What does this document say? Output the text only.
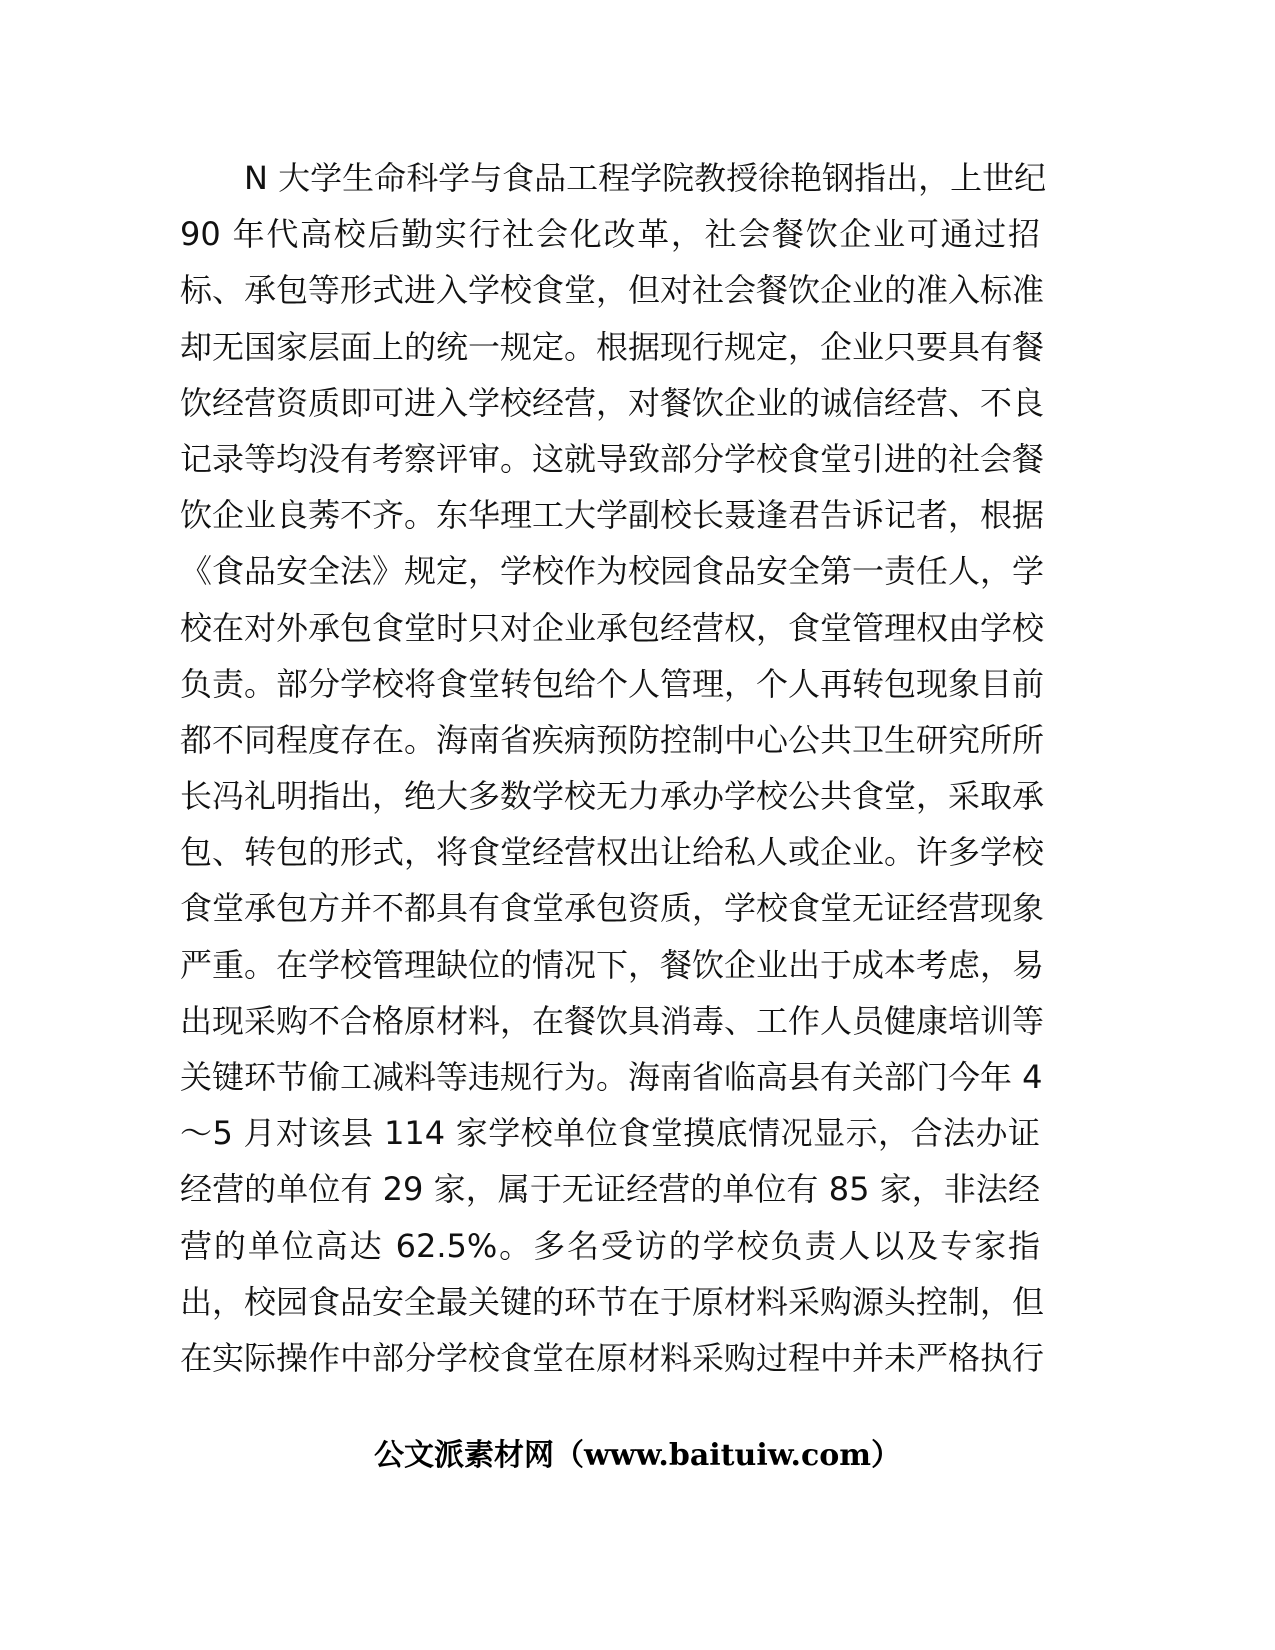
N 大学生命科学与食品工程学院教授徐艳钢指出，上世纪
90 年代高校后勤实行社会化改革，社会餐饮企业可通过招
标、承包等形式进入学校食堂，但对社会餐饮企业的准入标准
却无国家层面上的统一规定。根据现行规定，企业只要具有餐
饮经营资质即可进入学校经营，对餐饮企业的诚信经营、不良
记录等均没有考察评审。这就导致部分学校食堂引进的社会餐
饮企业良莠不齐。东华理工大学副校长聂逢君告诉记者，根据
《食品安全法》规定，学校作为校园食品安全第一责任人，学
校在对外承包食堂时只对企业承包经营权，食堂管理权由学校
负责。部分学校将食堂转包给个人管理，个人再转包现象目前
都不同程度存在。海南省疾病预防控制中心公共卫生研究所所
长冯礼明指出，绝大多数学校无力承办学校公共食堂，采取承
包、转包的形式，将食堂经营权出让给私人或企业。许多学校
食堂承包方并不都具有食堂承包资质，学校食堂无证经营现象
严重。在学校管理缺位的情况下，餐饮企业出于成本考虑，易
出现采购不合格原材料，在餐饮具消毒、工作人员健康培训等
关键环节偷工减料等违规行为。海南省临高县有关部门今年 4
～5 月对该县 114 家学校单位食堂摸底情况显示，合法办证
经营的单位有 29 家，属于无证经营的单位有 85 家，非法经
营的单位高达 62.5%。多名受访的学校负责人以及专家指
出，校园食品安全最关键的环节在于原材料采购源头控制，但
在实际操作中部分学校食堂在原材料采购过程中并未严格执行
公文派素材网（www.baituiw.com）
